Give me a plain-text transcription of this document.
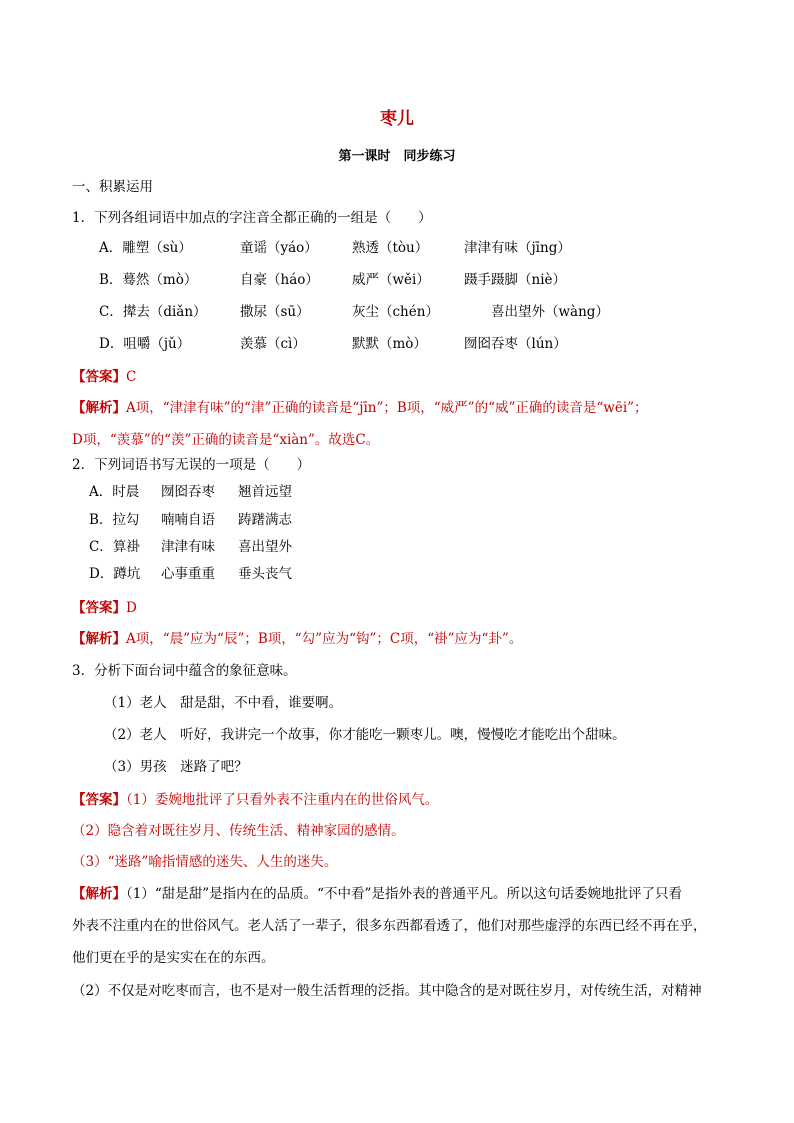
枣儿
第一课时　同步练习
一、积累运用
1．下列各组词语中加点的字注音全都正确的一组是（　　）
A．雕塑（sù）	童谣（yáo）	熟透（tòu）	津津有味（jīng）
B．蓦然（mò）	自豪（háo） 威严（wěi）	蹑手蹑脚（niè）
C．撵去（diǎn） 撒尿（sū）	灰尘（chén）	喜出望外（wàng）
D．咀嚼（jǔ）	羡慕（cì）	默默（mò）	囫囵吞枣（lún）
【答案】C
【解析】A项，“津津有味”的“津”正确的读音是“jīn”；B项，“威严”的“威”正确的读音是“wēi”；
D项，“羡慕”的“羡”正确的读音是“xiàn”。故选C。
2．下列词语书写无误的一项是（　　）
A．时晨 囫囵吞枣 翘首远望
B．拉勾 喃喃自语 踌躇满志
C．算褂 津津有味 喜出望外
D．蹲坑 心事重重 垂头丧气
【答案】D
【解析】A项，“晨”应为“辰”；B项，“勾”应为“钩”；C项，“褂”应为“卦”。
3．分析下面台词中蕴含的象征意味。
（1）老人　甜是甜，不中看，谁要啊。
（2）老人　听好，我讲完一个故事，你才能吃一颗枣儿。噢，慢慢吃才能吃出个甜味。
（3）男孩　迷路了吧？
【答案】（1）委婉地批评了只看外表不注重内在的世俗风气。
（2）隐含着对既往岁月、传统生活、精神家园的感情。
（3）“迷路”喻指情感的迷失、人生的迷失。
【解析】（1）“甜是甜”是指内在的品质。“不中看”是指外表的普通平凡。所以这句话委婉地批评了只看
外表不注重内在的世俗风气。老人活了一辈子，很多东西都看透了，他们对那些虚浮的东西已经不再在乎，
他们更在乎的是实实在在的东西。
（2）不仅是对吃枣而言，也不是对一般生活哲理的泛指。其中隐含的是对既往岁月，对传统生活，对精神
